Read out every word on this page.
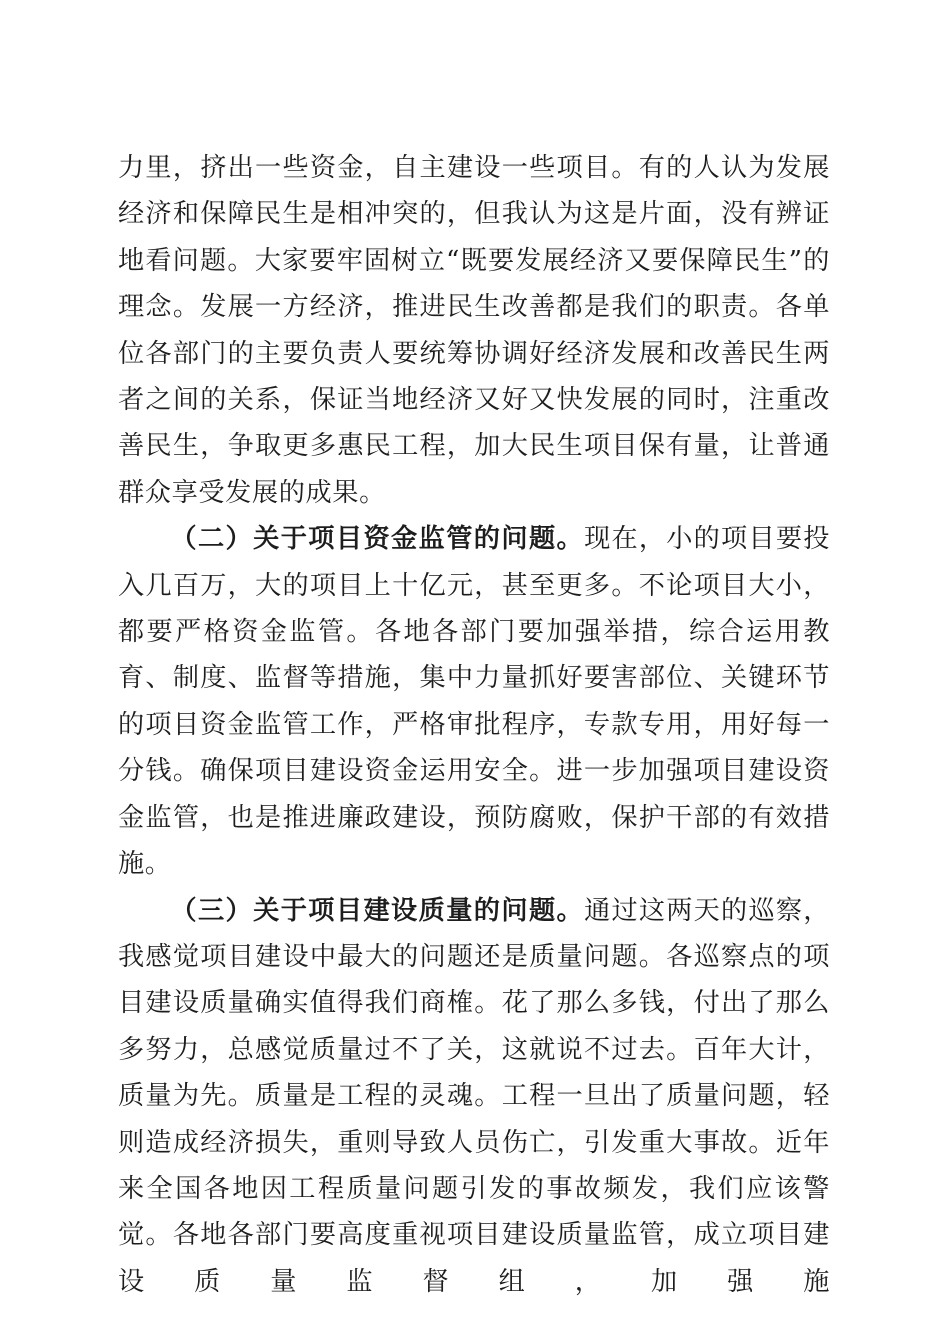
力里，挤出一些资金，自主建设一些项目。有的人认为发展经济和保障民生是相冲突的，但我认为这是片面，没有辨证地看问题。大家要牢固树立“既要发展经济又要保障民生”的理念。发展一方经济，推进民生改善都是我们的职责。各单位各部门的主要负责人要统筹协调好经济发展和改善民生两者之间的关系，保证当地经济又好又快发展的同时，注重改善民生，争取更多惠民工程，加大民生项目保有量，让普通群众享受发展的成果。

（二）关于项目资金监管的问题。现在，小的项目要投入几百万，大的项目上十亿元，甚至更多。不论项目大小，都要严格资金监管。各地各部门要加强举措，综合运用教育、制度、监督等措施，集中力量抓好要害部位、关键环节的项目资金监管工作，严格审批程序，专款专用，用好每一分钱。确保项目建设资金运用安全。进一步加强项目建设资金监管，也是推进廉政建设，预防腐败，保护干部的有效措施。

（三）关于项目建设质量的问题。通过这两天的巡察，我感觉项目建设中最大的问题还是质量问题。各巡察点的项目建设质量确实值得我们商榷。花了那么多钱，付出了那么多努力，总感觉质量过不了关，这就说不过去。百年大计，质量为先。质量是工程的灵魂。工程一旦出了质量问题，轻则造成经济损失，重则导致人员伤亡，引发重大事故。近年来全国各地因工程质量问题引发的事故频发，我们应该警觉。各地各部门要高度重视项目建设质量监管，成立项目建设质量监督组，加强施
